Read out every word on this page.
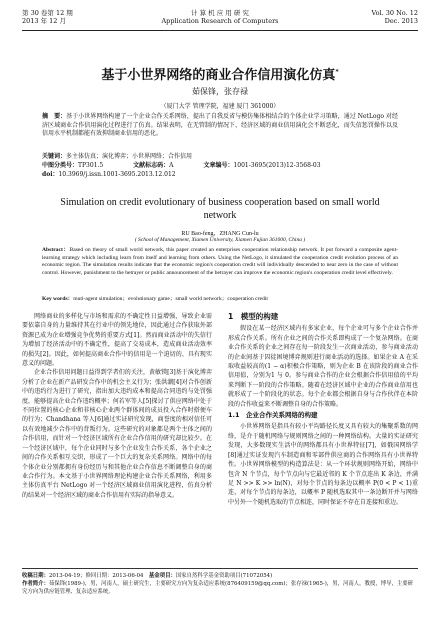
第 30 卷第 12 期
2013 年 12 月
计 算 机 应 用 研 究
Application Research of Computers
Vol. 30 No. 12
Dec. 2013
基于小世界网络的商业合作信用演化仿真*
茹保锋，张存禄
（厦门大学 管理学院，福建 厦门 361000）
摘　要：基于小世界网络构建了一个企业合作关系网络，提出了自我反省与模仿集体相结合的个体企业学习策略，通过 NetLogo 对经济区域商业合作信用演化过程进行了仿真。结果表明，在无管制的情况下，经济区域的商业信用演化会不断恶化，而失信惩罚操作以及信用水平机制都能有效抑制商业信用的恶化。
关键词：多主体仿真；演化博弈；小世界网络；合作信用
中图分类号：TP301.5	文献标志码：A	文章编号：1001-3695(2013)12-3568-03
doi：10.3969/j.issn.1001-3695.2013.12.012
Simulation on credit evolutionary of business cooperation based on small world network
RU Bao-feng，ZHANG Cun-lu
( School of Management, Xiamen University, Xiamen Fujian 361000, China )
Abstract：Based on theory of small world network, this paper created an enterprises cooperation relationship network. It put forward a composite agent-learning strategy which including learn from itself and learning from others. Using the NetLogo, it simulated the cooperation credit evolution process of an economic region. The simulation results indicate that the economic region's cooperation credit will individually descended to near zero in the case of without control. However, punishment to the betrayer or public announcement of the betrayer can improve the economic region's cooperation credit level effectively.
Key words：muti-agent simulation；evolutionary game；small world network；cooperation credit

网络商业的多样化与市场和需求的不确定性日益增强，导致企业需要依靠自身的力量维持其在行业中的领先地位，因此通过合作获取外部资源已成为企业增强竞争优势的重要方式[1]。然而商业活动中的失信行为增加了经济活动中的不确定性，提高了交易成本，造成商业活动效率的损失[2]。因此，如何提高商业合作中的信用是一个迫切的、具有现实意义的问题。

企业合作信用问题日益得到学者们的关注，黄敏镁[3]基于演化博弈分析了企业在新产品研发合作中的机会主义行为；张洪潮[4]对合作创新中的违约行为进行了研究，指出加大违约成本和提高合同违约与处罚强度，能够提高企业合作违约概率；何若军等人[5]探讨了供应网络中处于不同位置的核心企业和非核心企业两个群体间的成员投入合作时搭便车的行为；Chandhana 等人[6]通过实证研究发现，商誉度的相对信任可以有效地减少合作中的背叛行为。这些研究的对象都是两个主体之间的合作信用，而针对一个经济区域所有企业合作信用的研究却比较少。在一个经济区域中，每个企业同时与多个企业发生合作关系，各个企业之间的合作关系相互交织，形成了一个巨大的复杂关系网络。网络中的每个体企业分别都拥有身份经历与和其他企业合作信息不断调整自身的商业合作行为。本文基于小世界网络理论构建企业合作关系网络，利用多主体仿真平台 NetLogo 对一个经济区域商业信用演化进程，仿真分析的结果对一个经济区域的商业合作信用有实际的指导意义。

1　模型的构建

假设在某一经济区域内有多家企业，每个企业可与多个企业合作并形成合作关系。所有企业之间的合作关系即构成了一个复杂网络。在商业合作关系的企业之间存在每一阶段发生一次商业活动，参与商业活动的企业间基于囚徒困境博弈规则进行商业活动的选择。如果企业 A 在采取收益较高的(1 − α)积极合作策略，则为企业 B 在该阶段的商业合作信用值，分别为1 与 0。参与商业合作的企业会根据合作信用值的平均来判断下一阶段的合作策略。随着在经济区域中企业的合作商业信用也就形成了一个阶段化的状态。每个企业都会根据自身与合作伙伴在本阶段的合作收益来不断调整自身的合作策略。

1.1　企业合作关系网络的构建

小世界网络是指具有较小平均路径长度又具有较大的集聚系数的网络，是介于随机网络与规则网络之间的一种网络结构。大量的实证研究发现，大多数现实生活中的网络都具有小世界特征[7]，如俄国网络学[8]通过实证发现汽车制造商和零部件供应商的合作网络具有小世界特性。小世界网络模型的构造算法是：从一个环状规则网络开始，网络中包含 N 个节点，每个节点向与它最近邻的 K 个节点连出 K 条边，并满足 N >> K >> ln(N)，对每个节点的每条边以概率 P(0 < P < 1)重连，对每个节点的每条边，以概率 P 随机选取其中一条边断开并与网络中另外一个随机选取的节点相连，同时保证不存在自连接和重边。

收稿日期：2013-04-19；修回日期：2013-06-04　 基金项目：国家自然科学基金资助项目(71072054)
作者简介：茹保锋(1989-)，男，河南人，硕士研究生，主要研究方向为复杂适应系统(876409159@qq.com)；张存禄(1965-)，男，河南人，教授，博导，主要研究方向为供应链管理、复杂适应系统。
